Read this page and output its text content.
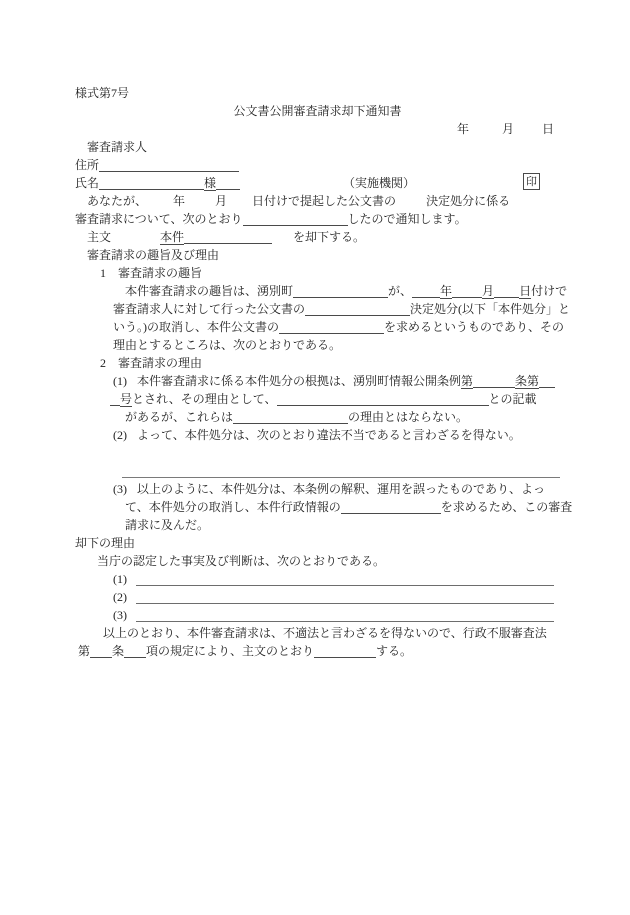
印
（実施機関）
様式第7号
公文書公開審査請求却下通知書
年	月 日
審査請求人
住所
氏名	様
あなたが、 年	月 日付けで提起した公文書の	決定処分に係る
審査請求について、次のとおり	したので通知します。
主文	本件	を却下する。
審査請求の趣旨及び理由
1 審査請求の趣旨
本件審査請求の趣旨は、湧別町	が、 年	月 日付けで
審査請求人に対して行った公文書の	決定処分(以下「本件処分」と
いう。)の取消し、本件公文書の	を求めるというものであり、その
理由とするところは、次のとおりである。
2 審査請求の理由
(1) 本件審査請求に係る本件処分の根拠は、湧別町情報公開条例第	条第
号とされ、その理由として、	との記載
があるが、これらは	の理由とはならない。
(2) よって、本件処分は、次のとおり違法不当であると言わざるを得ない。
(3) 以上のように、本件処分は、本条例の解釈、運用を誤ったものであり、よっ
て、本件処分の取消し、本件行政情報の	を求めるため、この審査
請求に及んだ。
却下の理由
当庁の認定した事実及び判断は、次のとおりである。
(1)
(2)
(3)
以上のとおり、本件審査請求は、不適法と言わざるを得ないので、行政不服審査法
第 条 項の規定により、主文のとおり	する。
